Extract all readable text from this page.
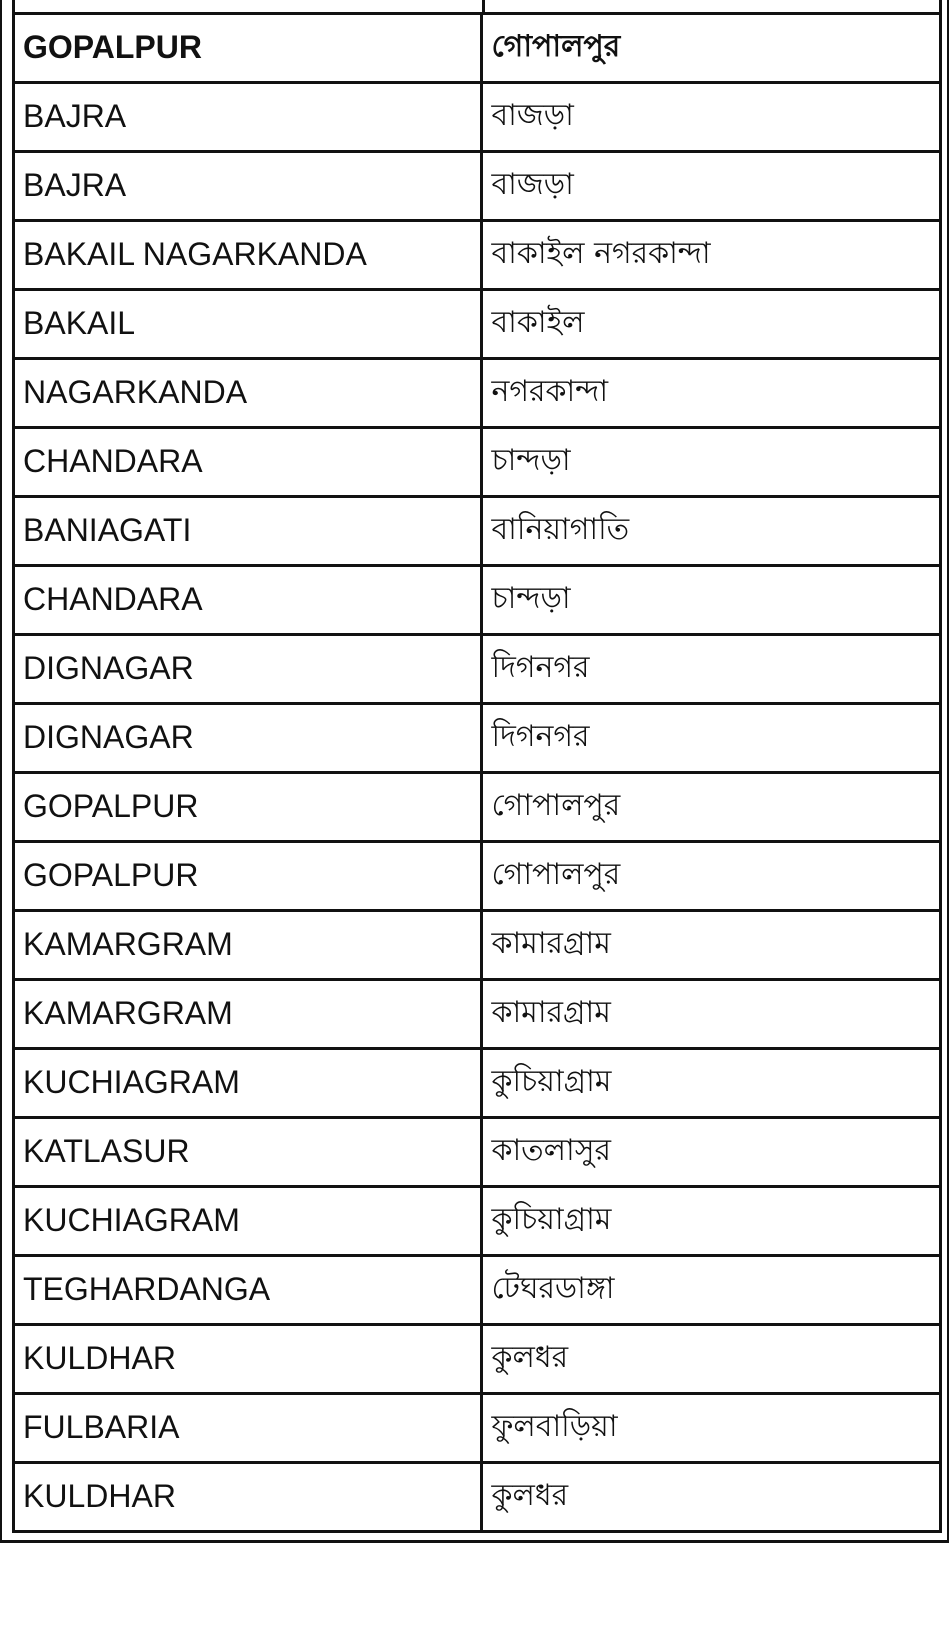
GOPALPUR	গোপালপুর
BAJRA	বাজড়া
BAJRA	বাজড়া
BAKAIL NAGARKANDA	বাকাইল নগরকান্দা
BAKAIL	বাকাইল
NAGARKANDA	নগরকান্দা
CHANDARA	চান্দড়া
BANIAGATI	বানিয়াগাতি
CHANDARA	চান্দড়া
DIGNAGAR	দিগনগর
DIGNAGAR	দিগনগর
GOPALPUR	গোপালপুর
GOPALPUR	গোপালপুর
KAMARGRAM	কামারগ্রাম
KAMARGRAM	কামারগ্রাম
KUCHIAGRAM	কুচিয়াগ্রাম
KATLASUR	কাতলাসুর
KUCHIAGRAM	কুচিয়াগ্রাম
TEGHARDANGA	টেঘরডাঙ্গা
KULDHAR	কুলধর
FULBARIA	ফুলবাড়িয়া
KULDHAR	কুলধর
